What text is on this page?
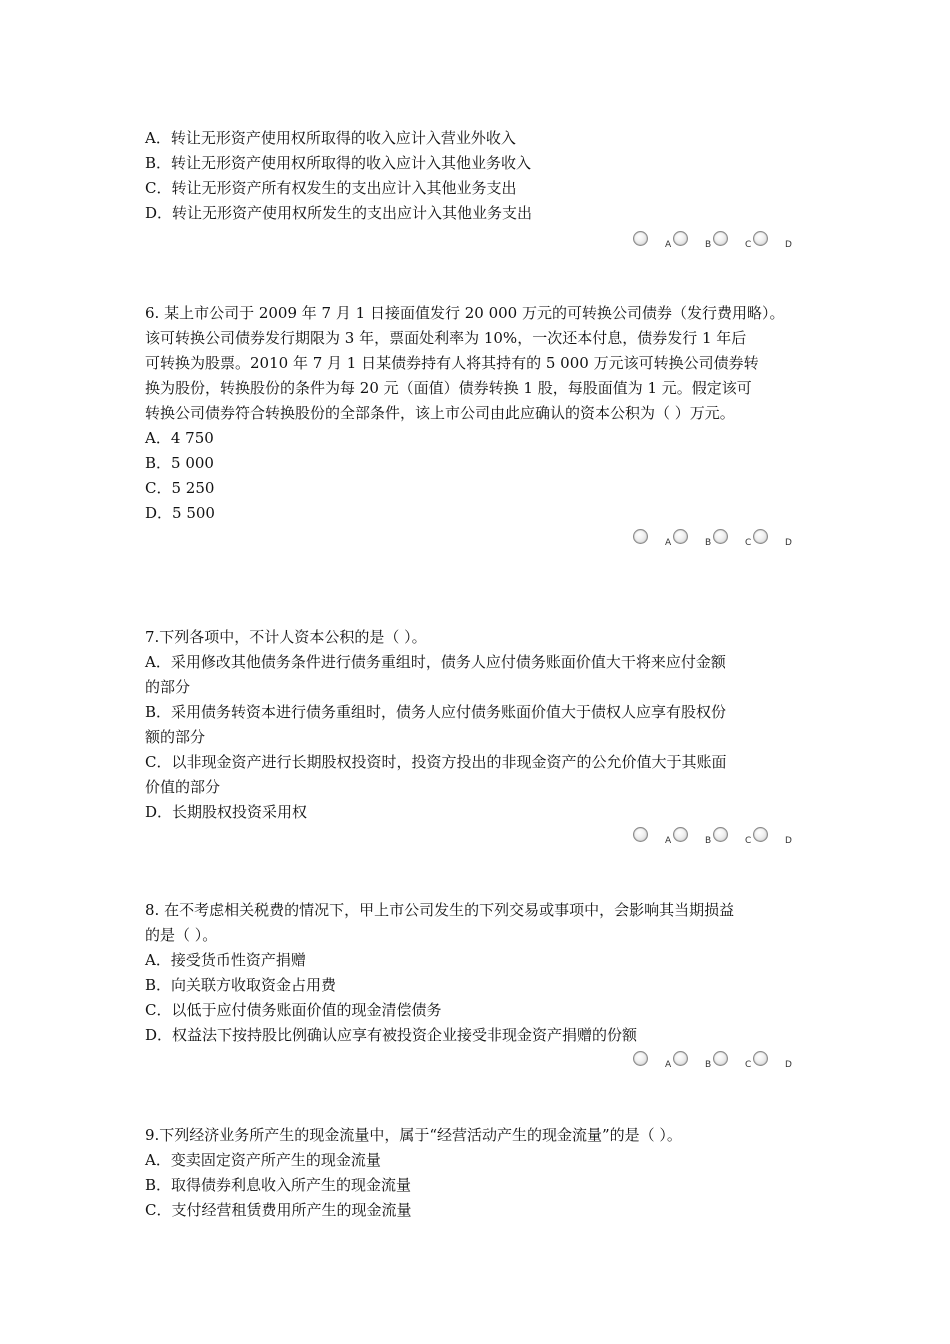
A．转让无形资产使用权所取得的收入应计入营业外收入
B．转让无形资产使用权所取得的收入应计入其他业务收入
C．转让无形资产所有权发生的支出应计入其他业务支出
D．转让无形资产使用权所发生的支出应计入其他业务支出
A	B	C	D
6. 某上市公司于 2009 年 7 月 1 日接面值发行 20 000 万元的可转换公司债券（发行费用略）。
该可转换公司债券发行期限为 3 年，票面处利率为 10%，一次还本付息，债券发行 1 年后
可转换为股票。2010 年 7 月 1 日某债券持有人将其持有的 5 000 万元该可转换公司债券转
换为股份，转换股份的条件为每 20 元（面值）债券转换 1 股，每股面值为 1 元。假定该可
转换公司债券符合转换股份的全部条件，该上市公司由此应确认的资本公积为（ ）万元。
A．4 750
B．5 000
C．5 250
D．5 500
A	B	C	D
7.下列各项中，不计人资本公积的是（ ）。
A．采用修改其他债务条件进行债务重组时，债务人应付债务账面价值大干将来应付金额
的部分
B．采用债务转资本进行债务重组时，债务人应付债务账面价值大于债权人应享有股权份
额的部分
C．以非现金资产进行长期股权投资时，投资方投出的非现金资产的公允价值大于其账面
价值的部分
D．长期股权投资采用权
A	B	C	D
8. 在不考虑相关税费的情况下，甲上市公司发生的下列交易或事项中，会影响其当期损益
的是（ ）。
A．接受货币性资产捐赠
B．向关联方收取资金占用费
C．以低于应付债务账面价值的现金清偿债务
D．权益法下按持股比例确认应享有被投资企业接受非现金资产捐赠的份额
A	B	C	D
9.下列经济业务所产生的现金流量中，属于“经营活动产生的现金流量”的是（ ）。
A．变卖固定资产所产生的现金流量
B．取得债券利息收入所产生的现金流量
C．支付经营租赁费用所产生的现金流量
